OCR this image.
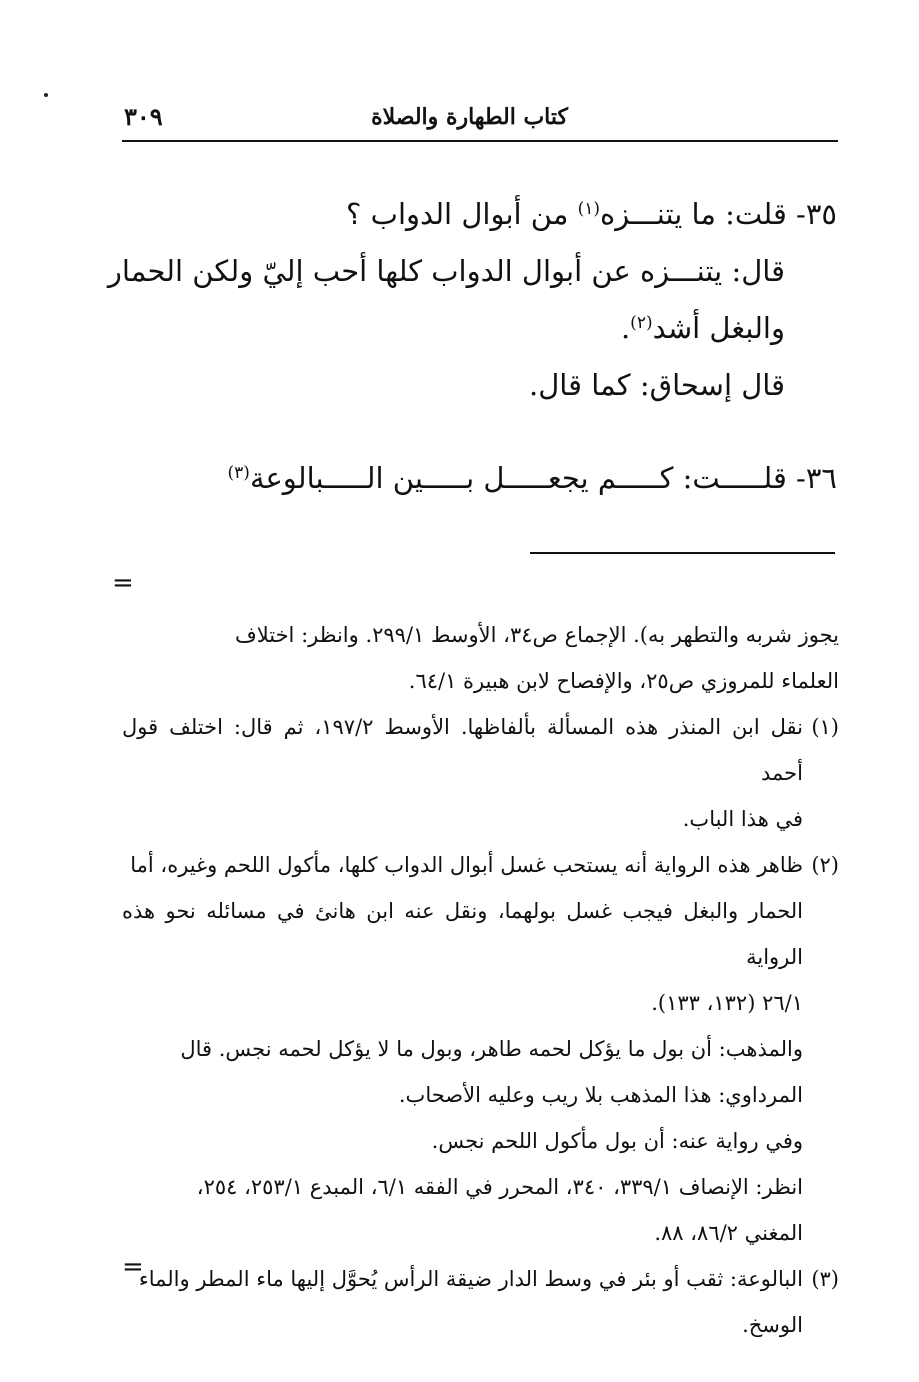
كتاب الطهارة والصلاة
٣٠٩

٣٥- قلت: ما يتنـــزه$^{(١)}$ من أبوال الدواب ؟

قال: يتنـــزه عن أبوال الدواب كلها أحب إليّ ولكن الحمار

والبغل أشد$^{(٢)}$.

قال إسحاق: كما قال.

٣٦- قلـــــت: كـــــم يجعـــــل بـــــين الـــــبالوعة$^{(٣)}$

=

يجوز شربه والتطهر به). الإجماع ص٣٤، الأوسط ٢٩٩/١. وانظر: اختلاف

العلماء للمروزي ص٢٥، والإفصاح لابن هبيرة ٦٤/١.

(١)
نقل ابن المنذر هذه المسألة بألفاظها. الأوسط ١٩٧/٢، ثم قال: اختلف قول أحمد

في هذا الباب.

(٢)
ظاهر هذه الرواية أنه يستحب غسل أبوال الدواب كلها، مأكول اللحم وغيره، أما

الحمار والبغل فيجب غسل بولهما، ونقل عنه ابن هانئ في مسائله نحو هذه الرواية

٢٦/١ (١٣٢، ١٣٣).

والمذهب: أن بول ما يؤكل لحمه طاهر، وبول ما لا يؤكل لحمه نجس. قال

المرداوي: هذا المذهب بلا ريب وعليه الأصحاب.

وفي رواية عنه: أن بول مأكول اللحم نجس.

انظر: الإنصاف ٣٣٩/١، ٣٤٠، المحرر في الفقه ٦/١، المبدع ٢٥٣/١، ٢٥٤،

المغني ٨٦/٢، ٨٨.

(٣)
البالوعة: ثقب أو بئر في وسط الدار ضيقة الرأس يُحوَّل إليها ماء المطر والماء

الوسخ.

=
